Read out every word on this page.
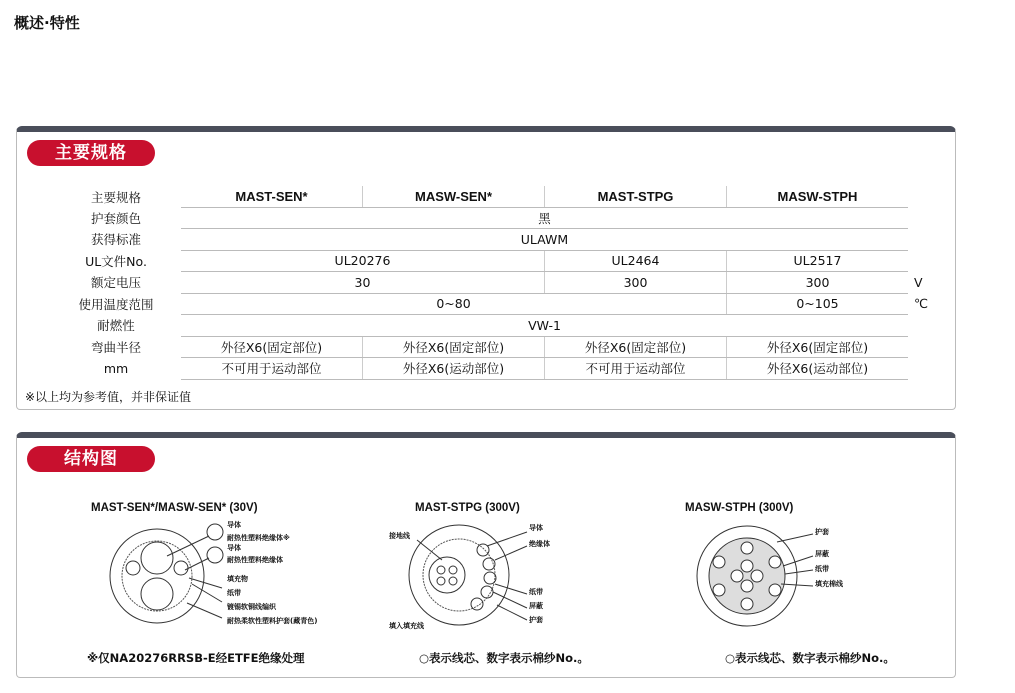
概述·特性
主要规格
主要规格	MAST-SEN*	MASW-SEN*	MAST-STPG	MASW-STPH	
护套颜色	黑				
获得标准	ULAWM				
UL文件No.	UL20276		UL2464	UL2517	
额定电压	30		300	300	V
使用温度范围	0~80			0~105	℃
耐燃性	VW-1				
弯曲半径	外径X6(固定部位)	外径X6(固定部位)	外径X6(固定部位)	外径X6(固定部位)	
mm	不可用于运动部位	外径X6(运动部位)	不可用于运动部位	外径X6(运动部位)	
※以上均为参考值，并非保证值
结构图
MAST-SEN*/MASW-SEN* (30V)
导体
耐热性塑料绝缘体※
导体
耐热性塑料绝缘体
填充物
纸带
镀锡软铜线编织
耐热柔软性塑料护套(藏青色)
※仅NA20276RRSB-E经ETFE绝缘处理
MAST-STPG (300V)
接地线
导体
绝缘体
纸带
屏蔽
护套
填入填充线
○表示线芯、数字表示棉纱No.。
MASW-STPH (300V)
护套
屏蔽
纸带
填充棉线
○表示线芯、数字表示棉纱No.。
